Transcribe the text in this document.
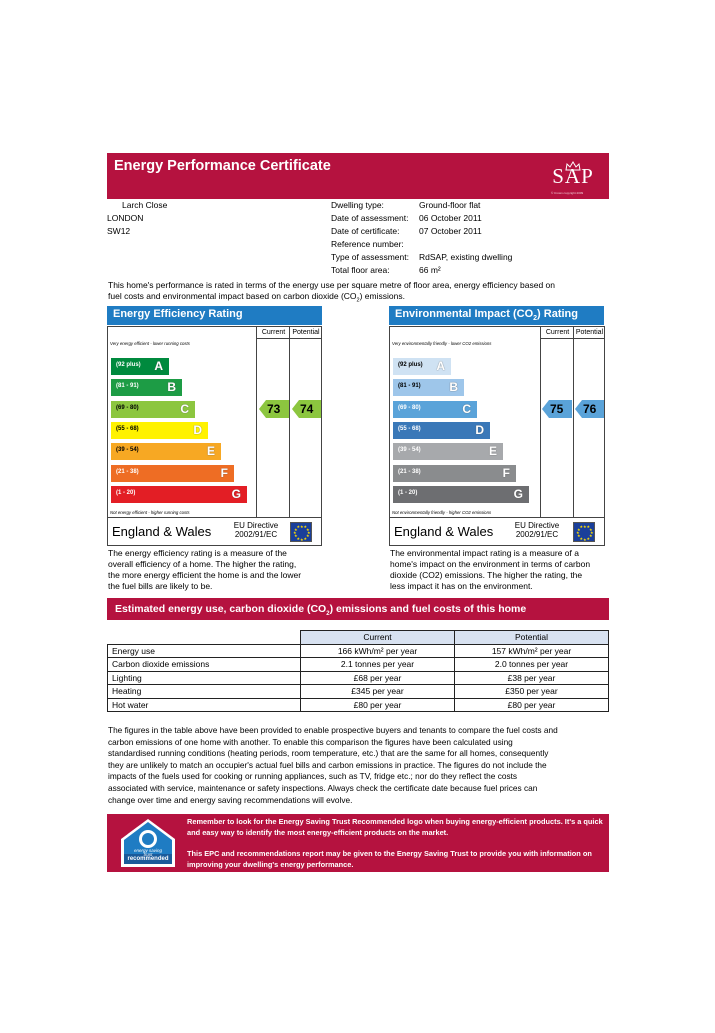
Energy Performance Certificate	SAP
© Crown copyright 2009
Larch Close
LONDON
SW12
Dwelling type:	Ground-floor flat
Date of assessment: 06 October 2011
Date of certificate: 07 October 2011
Reference number:
Type of assessment: RdSAP, existing dwelling
Total floor area:	66 m²
This home's performance is rated in terms of the energy use per square metre of floor area, energy efficiency based on
fuel costs and environmental impact based on carbon dioxide $(CO_2)$ emissions.
Energy Efficiency Rating
Current	Potential
Very energy efficient - lower running costs
(92 plus) A
(81 - 91) B
(69 - 80)	C
(55 - 68)	D
(39 - 54)	E
(21 - 38)	F
(1 - 20)	G
Not energy efficient - higher running costs
England & Wales	EU Directive
2002/91/EC	★
★
★
★
★
★
★
★
★ ★ ★
★
73 74
The energy efficiency rating is a measure of the
overall efficiency of a home. The higher the rating,
the more energy efficient the home is and the lower
the fuel bills are likely to be.
Environmental Impact $(CO_2)$ Rating
Current Potential
Very environmentally friendly - lower CO2 emissions
(92 plus) A
(81 - 91) B
(69 - 80)	C
(55 - 68)	D
(39 - 54)	E
(21 - 38)	F
(1 - 20)	G
Not environmentally friendly - higher CO2 emissions
England & Wales	EU Directive
2002/91/EC	★
★
★
★
★
★
★
★
★ ★ ★
★
75 76
The environmental impact rating is a measure of a
home's impact on the environment in terms of carbon
dioxide (CO2) emissions. The higher the rating, the
less impact it has on the environment.
Estimated energy use, carbon dioxide $(CO_2)$ emissions and fuel costs of this home
	Current	Potential
Energy use	166 kWh/m² per year	157 kWh/m² per year
Carbon dioxide emissions	2.1 tonnes per year	2.0 tonnes per year
Lighting	£68 per year	£38 per year
Heating	£345 per year	£350 per year
Hot water	£80 per year	£80 per year
The figures in the table above have been provided to enable prospective buyers and tenants to compare the fuel costs and
carbon emissions of one home with another. To enable this comparison the figures have been calculated using
standardised running conditions (heating periods, room temperature, etc.) that are the same for all homes, consequently
they are unlikely to match an occupier's actual fuel bills and carbon emissions in practice. The figures do not include the
impacts of the fuels used for cooking or running appliances, such as TV, fridge etc.; nor do they reflect the costs
associated with service, maintenance or safety inspections. Always check the certificate date because fuel prices can
change over time and energy saving recommendations will evolve.
energy saving
trust
recommended

Remember to look for the Energy Saving Trust Recommended logo when buying energy-efficient products. It's a quick and easy way to identify the most energy-efficient products on the market.

This EPC and recommendations report may be given to the Energy Saving Trust to provide you with information on improving your dwelling's energy performance.
